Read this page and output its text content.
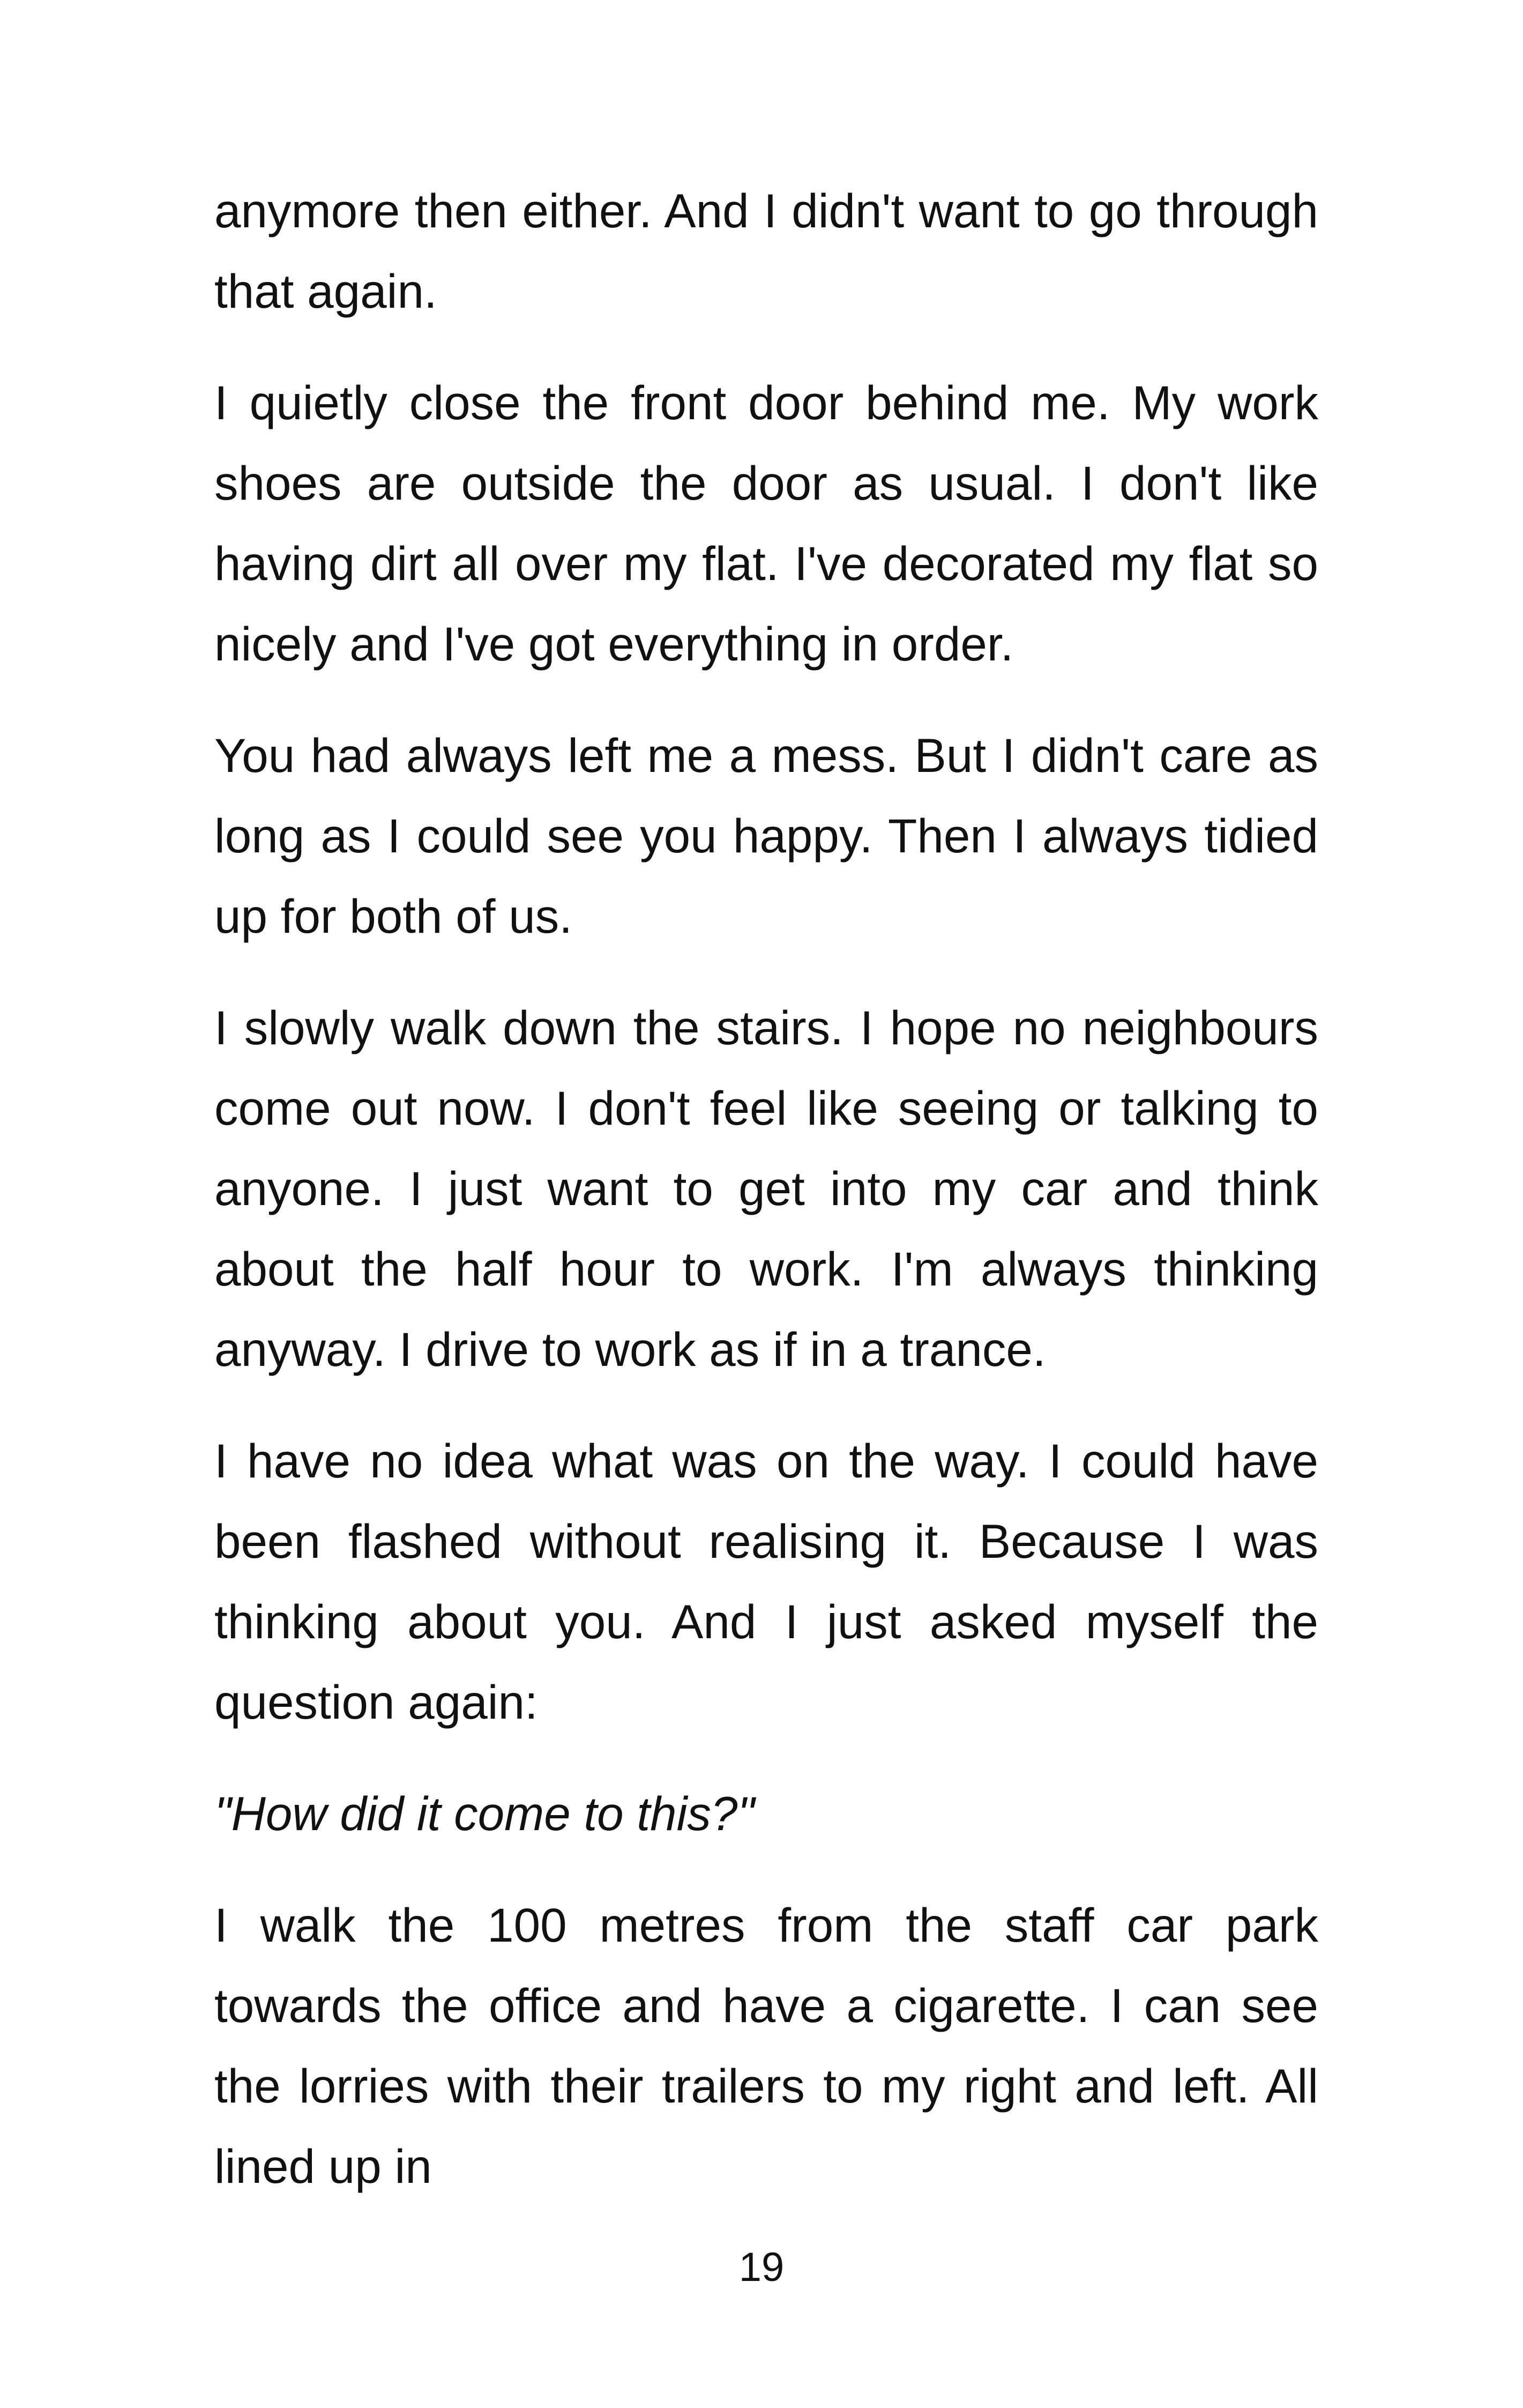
anymore then either. And I didn't want to go through that again.

I quietly close the front door behind me. My work shoes are outside the door as usual. I don't like having dirt all over my flat. I've decorated my flat so nicely and I've got everything in order.

You had always left me a mess. But I didn't care as long as I could see you happy. Then I always tidied up for both of us.

I slowly walk down the stairs. I hope no neighbours come out now. I don't feel like seeing or talking to anyone. I just want to get into my car and think about the half hour to work. I'm always thinking anyway. I drive to work as if in a trance.

I have no idea what was on the way. I could have been flashed without realising it. Because I was thinking about you. And I just asked myself the question again:

"How did it come to this?"

I walk the 100 metres from the staff car park towards the office and have a cigarette. I can see the lorries with their trailers to my right and left. All lined up in

19
